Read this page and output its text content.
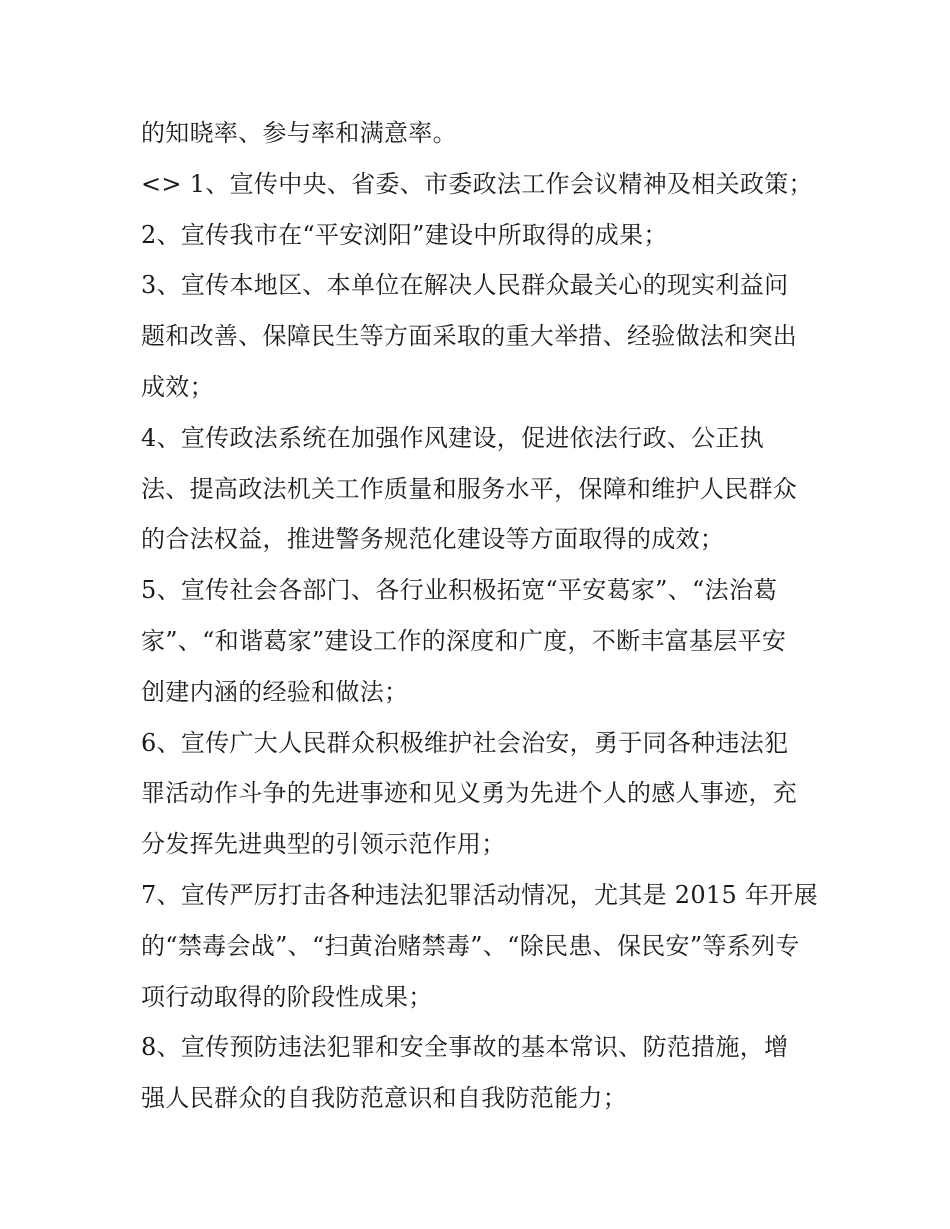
的知晓率、参与率和满意率。
<> 1、宣传中央、省委、市委政法工作会议精神及相关政策；
2、宣传我市在“平安浏阳”建设中所取得的成果；
3、宣传本地区、本单位在解决人民群众最关心的现实利益问
题和改善、保障民生等方面采取的重大举措、经验做法和突出
成效；
4、宣传政法系统在加强作风建设，促进依法行政、公正执
法、提高政法机关工作质量和服务水平，保障和维护人民群众
的合法权益，推进警务规范化建设等方面取得的成效；
5、宣传社会各部门、各行业积极拓宽“平安葛家”、“法治葛
家”、“和谐葛家”建设工作的深度和广度，不断丰富基层平安
创建内涵的经验和做法；
6、宣传广大人民群众积极维护社会治安，勇于同各种违法犯
罪活动作斗争的先进事迹和见义勇为先进个人的感人事迹，充
分发挥先进典型的引领示范作用；
7、宣传严厉打击各种违法犯罪活动情况，尤其是 2015 年开展
的“禁毒会战”、“扫黄治赌禁毒”、“除民患、保民安”等系列专
项行动取得的阶段性成果；
8、宣传预防违法犯罪和安全事故的基本常识、防范措施，增
强人民群众的自我防范意识和自我防范能力；
